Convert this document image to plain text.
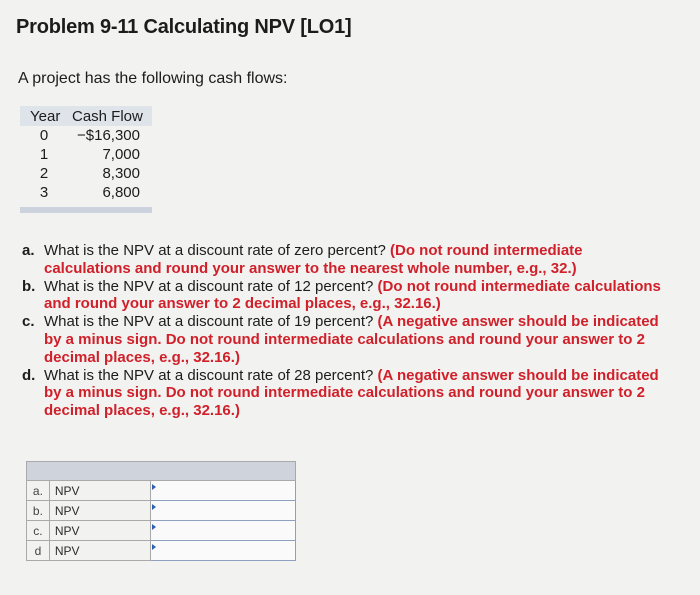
Problem 9-11 Calculating NPV [LO1]
A project has the following cash flows:
Year Cash Flow
0	−$16,300
1	7,000
2	8,300
3	6,800
a. What is the NPV at a discount rate of zero percent? (Do not round intermediate calculations and round your answer to the nearest whole number, e.g., 32.)
b. What is the NPV at a discount rate of 12 percent? (Do not round intermediate calculations and round your answer to 2 decimal places, e.g., 32.16.)
c. What is the NPV at a discount rate of 19 percent? (A negative answer should be indicated by a minus sign. Do not round intermediate calculations and round your answer to 2 decimal places, e.g., 32.16.)
d. What is the NPV at a discount rate of 28 percent? (A negative answer should be indicated by a minus sign. Do not round intermediate calculations and round your answer to 2 decimal places, e.g., 32.16.)

a.	NPV	

b.	NPV	

c.	NPV	

d	NPV	
